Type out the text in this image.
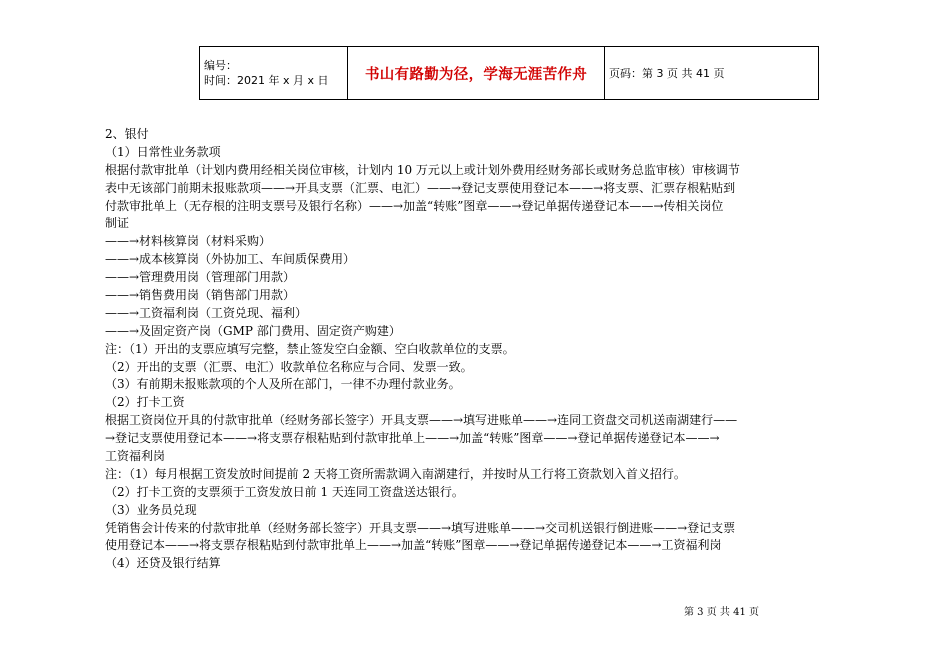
编号：
时间：2021 年 x 月 x 日	书山有路勤为径，学海无涯苦作舟	页码：第 3 页 共 41 页
2、银付
（1）日常性业务款项
根据付款审批单（计划内费用经相关岗位审核，计划内 10 万元以上或计划外费用经财务部长或财务总监审核）审核调节
表中无该部门前期未报账款项——→开具支票（汇票、电汇）——→登记支票使用登记本——→将支票、汇票存根粘贴到
付款审批单上（无存根的注明支票号及银行名称）——→加盖“转账”图章——→登记单据传递登记本——→传相关岗位
制证
——→材料核算岗（材料采购）
——→成本核算岗（外协加工、车间质保费用）
——→管理费用岗（管理部门用款）
——→销售费用岗（销售部门用款）
——→工资福利岗（工资兑现、福利）
——→及固定资产岗（GMP 部门费用、固定资产购建）
注：（1）开出的支票应填写完整，禁止签发空白金额、空白收款单位的支票。
（2）开出的支票（汇票、电汇）收款单位名称应与合同、发票一致。
（3）有前期未报账款项的个人及所在部门，一律不办理付款业务。
（2）打卡工资
根据工资岗位开具的付款审批单（经财务部长签字）开具支票——→填写进账单——→连同工资盘交司机送南湖建行——
→登记支票使用登记本——→将支票存根粘贴到付款审批单上——→加盖“转账”图章——→登记单据传递登记本——→
工资福利岗
注：（1）每月根据工资发放时间提前 2 天将工资所需款调入南湖建行，并按时从工行将工资款划入首义招行。
（2）打卡工资的支票须于工资发放日前 1 天连同工资盘送达银行。
（3）业务员兑现
凭销售会计传来的付款审批单（经财务部长签字）开具支票——→填写进账单——→交司机送银行倒进账——→登记支票
使用登记本——→将支票存根粘贴到付款审批单上——→加盖“转账”图章——→登记单据传递登记本——→工资福利岗
（4）还贷及银行结算
第 3 页 共 41 页
